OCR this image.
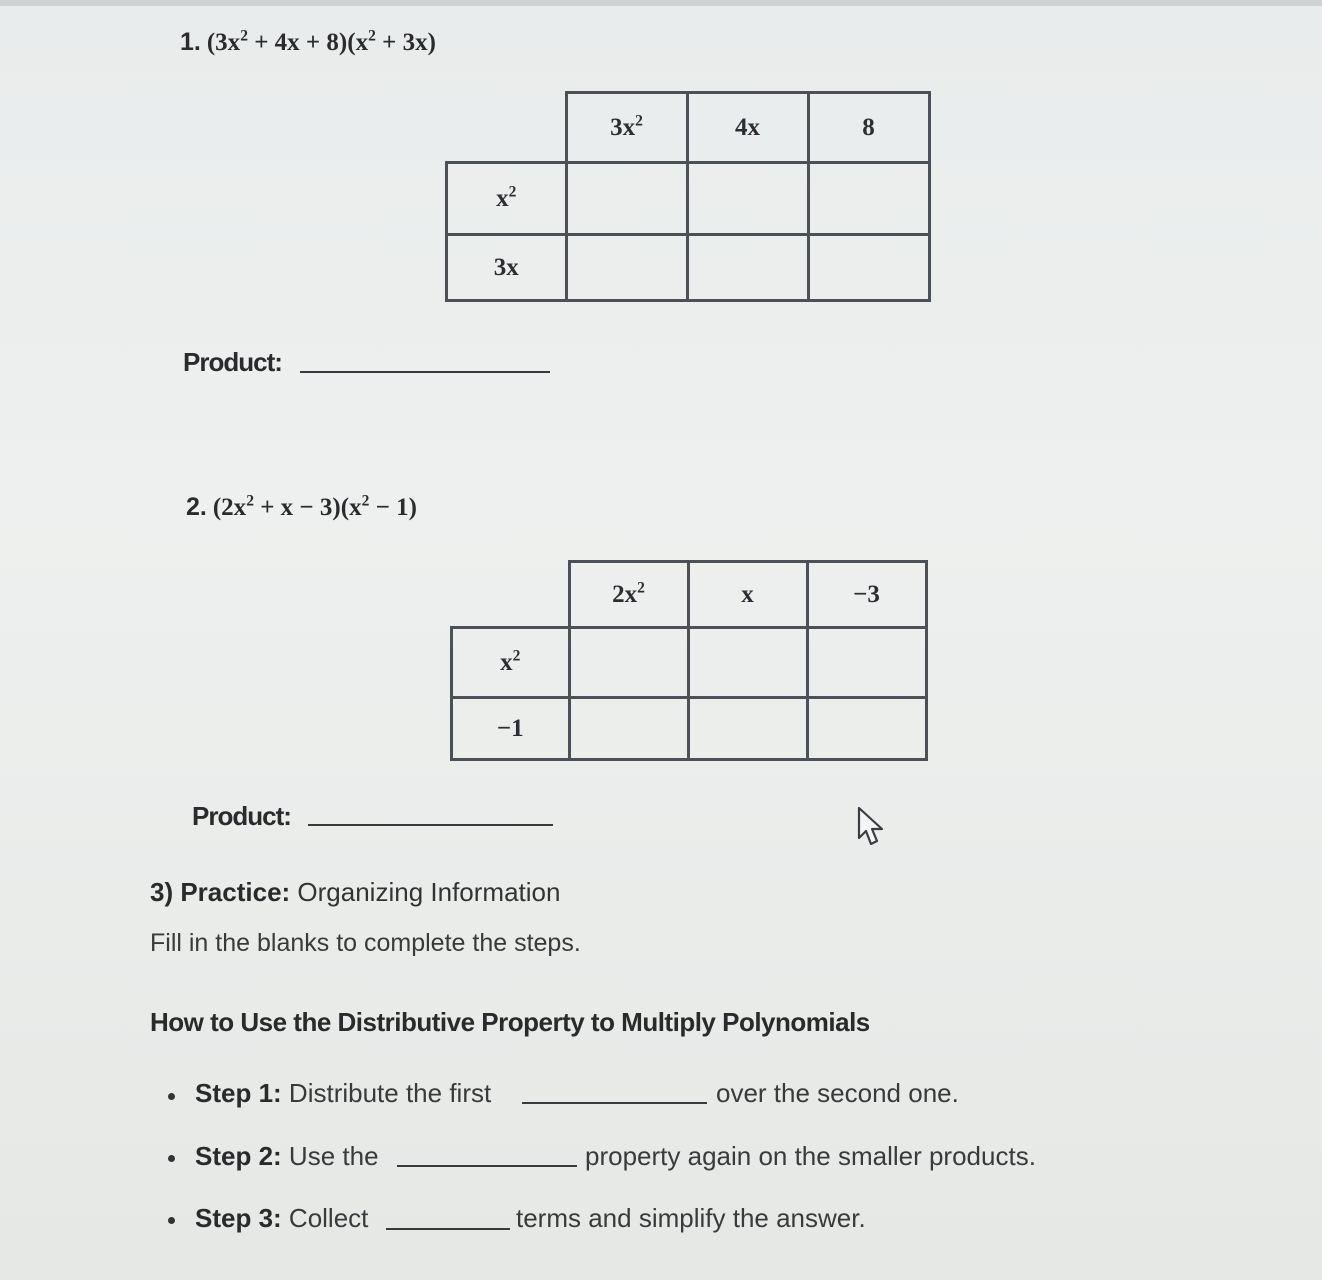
1. $(3x^2 + 4x + 8)(x^2 + 3x)$
	$3x^2$	4x	8
$x^2$			
3x			
Product:
2. $(2x^2 + x - 3)(x^2 - 1)$
	$2x^2$	x	−3
$x^2$			
−1			
Product:
3) Practice: Organizing Information
Fill in the blanks to complete the steps.
How to Use the Distributive Property to Multiply Polynomials
Step 1: Distribute the first	over the second one.
Step 2: Use the	property again on the smaller products.
Step 3: Collect	terms and simplify the answer.
